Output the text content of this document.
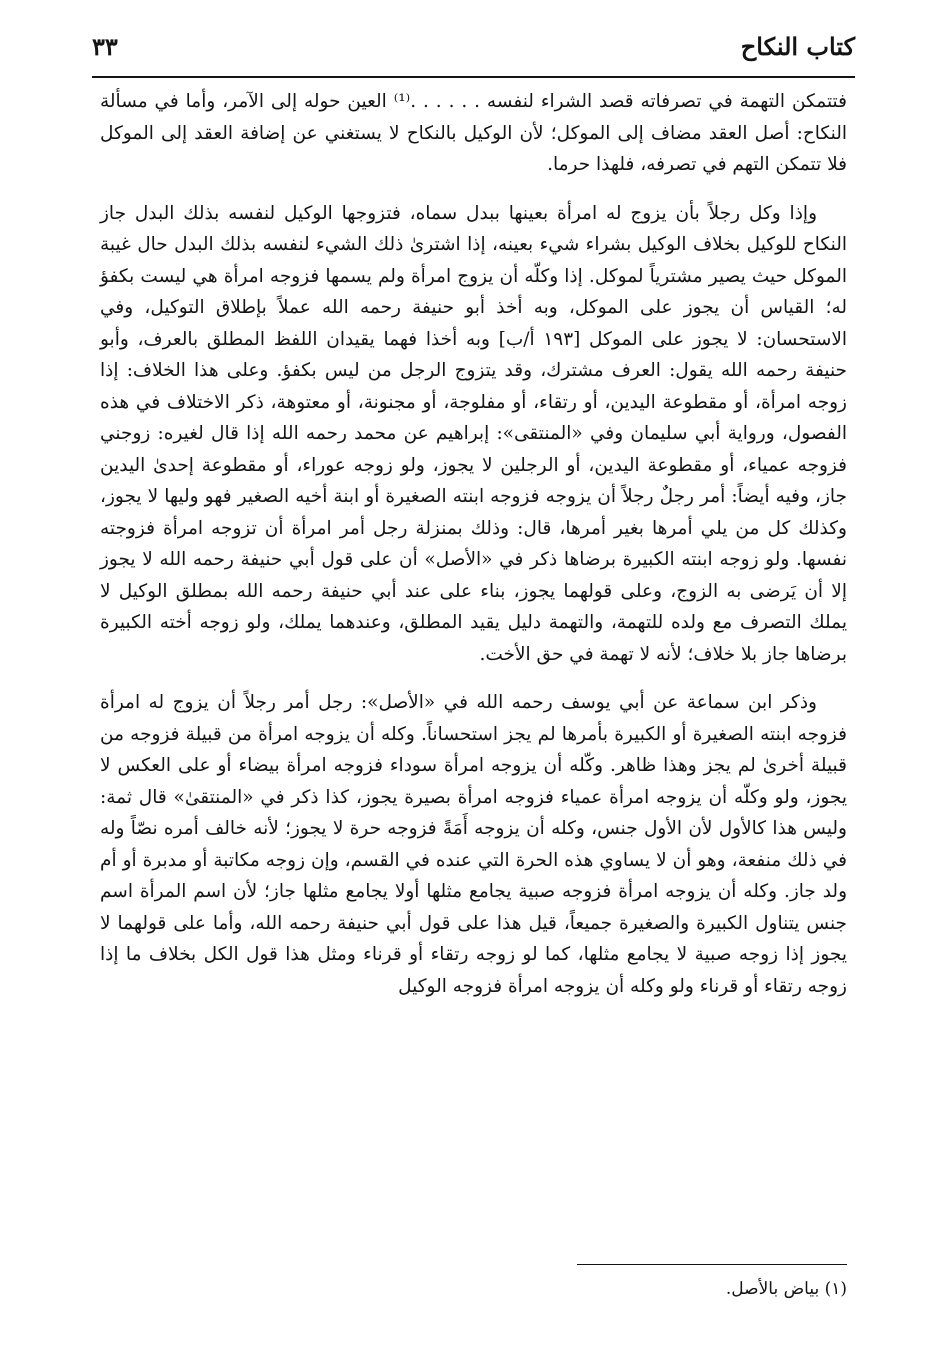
كتاب النكاح
٣٣

فتتمكن التهمة في تصرفاته قصد الشراء لنفسه . . . . . .⁽¹⁾ العين حوله إلى الآمر، وأما في مسألة النكاح: أصل العقد مضاف إلى الموكل؛ لأن الوكيل بالنكاح لا يستغني عن إضافة العقد إلى الموكل فلا تتمكن التهم في تصرفه، فلهذا حرما.

وإذا وكل رجلاً بأن يزوج له امرأة بعينها ببدل سماه، فتزوجها الوكيل لنفسه بذلك البدل جاز النكاح للوكيل بخلاف الوكيل بشراء شيء بعينه، إذا اشترىٰ ذلك الشيء لنفسه بذلك البدل حال غيبة الموكل حيث يصير مشترياً لموكل. إذا وكلّه أن يزوج امرأة ولم يسمها فزوجه امرأة هي ليست بكفؤ له؛ القياس أن يجوز على الموكل، وبه أخذ أبو حنيفة رحمه الله عملاً بإطلاق التوكيل، وفي الاستحسان: لا يجوز على الموكل [١٩٣ أ/ب] وبه أخذا فهما يقيدان اللفظ المطلق بالعرف، وأبو حنيفة رحمه الله يقول: العرف مشترك، وقد يتزوج الرجل من ليس بكفؤ. وعلى هذا الخلاف: إذا زوجه امرأة، أو مقطوعة اليدين، أو رتقاء، أو مفلوجة، أو مجنونة، أو معتوهة، ذكر الاختلاف في هذه الفصول، ورواية أبي سليمان وفي «المنتقى»: إبراهيم عن محمد رحمه الله إذا قال لغيره: زوجني فزوجه عمياء، أو مقطوعة اليدين، أو الرجلين لا يجوز، ولو زوجه عوراء، أو مقطوعة إحدىٰ اليدين جاز، وفيه أيضاً: أمر رجلٌ رجلاً أن يزوجه فزوجه ابنته الصغيرة أو ابنة أخيه الصغير فهو وليها لا يجوز، وكذلك كل من يلي أمرها بغير أمرها، قال: وذلك بمنزلة رجل أمر امرأة أن تزوجه امرأة فزوجته نفسها. ولو زوجه ابنته الكبيرة برضاها ذكر في «الأصل» أن على قول أبي حنيفة رحمه الله لا يجوز إلا أن يَرضى به الزوج، وعلى قولهما يجوز، بناء على عند أبي حنيفة رحمه الله بمطلق الوكيل لا يملك التصرف مع ولده للتهمة، والتهمة دليل يقيد المطلق، وعندهما يملك، ولو زوجه أخته الكبيرة برضاها جاز بلا خلاف؛ لأنه لا تهمة في حق الأخت.

وذكر ابن سماعة عن أبي يوسف رحمه الله في «الأصل»: رجل أمر رجلاً أن يزوج له امرأة فزوجه ابنته الصغيرة أو الكبيرة بأمرها لم يجز استحساناً. وكله أن يزوجه امرأة من قبيلة فزوجه من قبيلة أخرىٰ لم يجز وهذا ظاهر. وكّله أن يزوجه امرأة سوداء فزوجه امرأة بيضاء أو على العكس لا يجوز، ولو وكلّه أن يزوجه امرأة عمياء فزوجه امرأة بصيرة يجوز، كذا ذكر في «المنتقىٰ» قال ثمة: وليس هذا كالأول لأن الأول جنس، وكله أن يزوجه أَمَةً فزوجه حرة لا يجوز؛ لأنه خالف أمره نصّاً وله في ذلك منفعة، وهو أن لا يساوي هذه الحرة التي عنده في القسم، وإن زوجه مكاتبة أو مدبرة أو أم ولد جاز. وكله أن يزوجه امرأة فزوجه صبية يجامع مثلها أولا يجامع مثلها جاز؛ لأن اسم المرأة اسم جنس يتناول الكبيرة والصغيرة جميعاً، قيل هذا على قول أبي حنيفة رحمه الله، وأما على قولهما لا يجوز إذا زوجه صبية لا يجامع مثلها، كما لو زوجه رتقاء أو قرناء ومثل هذا قول الكل بخلاف ما إذا زوجه رتقاء أو قرناء ولو وكله أن يزوجه امرأة فزوجه الوكيل

(١) بياض بالأصل.
